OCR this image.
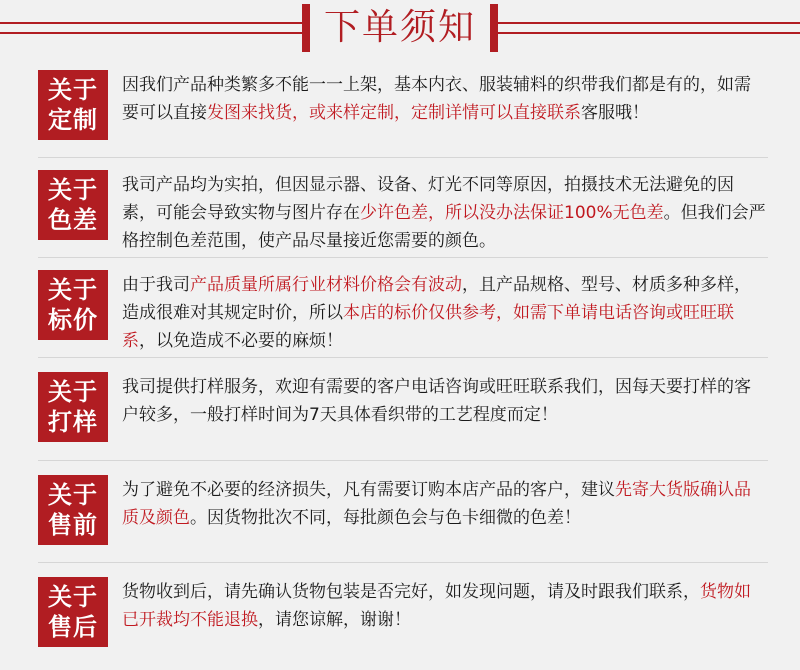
下单须知
关于
定制
因我们产品种类繁多不能一一上架，基本内衣、服装辅料的织带我们都是有的，如需要可以直接发图来找货，或来样定制，定制详情可以直接联系客服哦！
关于
色差
我司产品均为实拍，但因显示器、设备、灯光不同等原因，拍摄技术无法避免的因素，可能会导致实物与图片存在少许色差，所以没办法保证100%无色差。但我们会严格控制色差范围，使产品尽量接近您需要的颜色。
关于
标价
由于我司产品质量所属行业材料价格会有波动，且产品规格、型号、材质多种多样，造成很难对其规定时价，所以本店的标价仅供参考，如需下单请电话咨询或旺旺联系，以免造成不必要的麻烦！
关于
打样
我司提供打样服务，欢迎有需要的客户电话咨询或旺旺联系我们，因每天要打样的客户较多，一般打样时间为7天具体看织带的工艺程度而定！
关于
售前
为了避免不必要的经济损失，凡有需要订购本店产品的客户，建议先寄大货版确认品质及颜色。因货物批次不同，每批颜色会与色卡细微的色差！
关于
售后
货物收到后，请先确认货物包装是否完好，如发现问题，请及时跟我们联系，货物如已开裁均不能退换，请您谅解，谢谢！
